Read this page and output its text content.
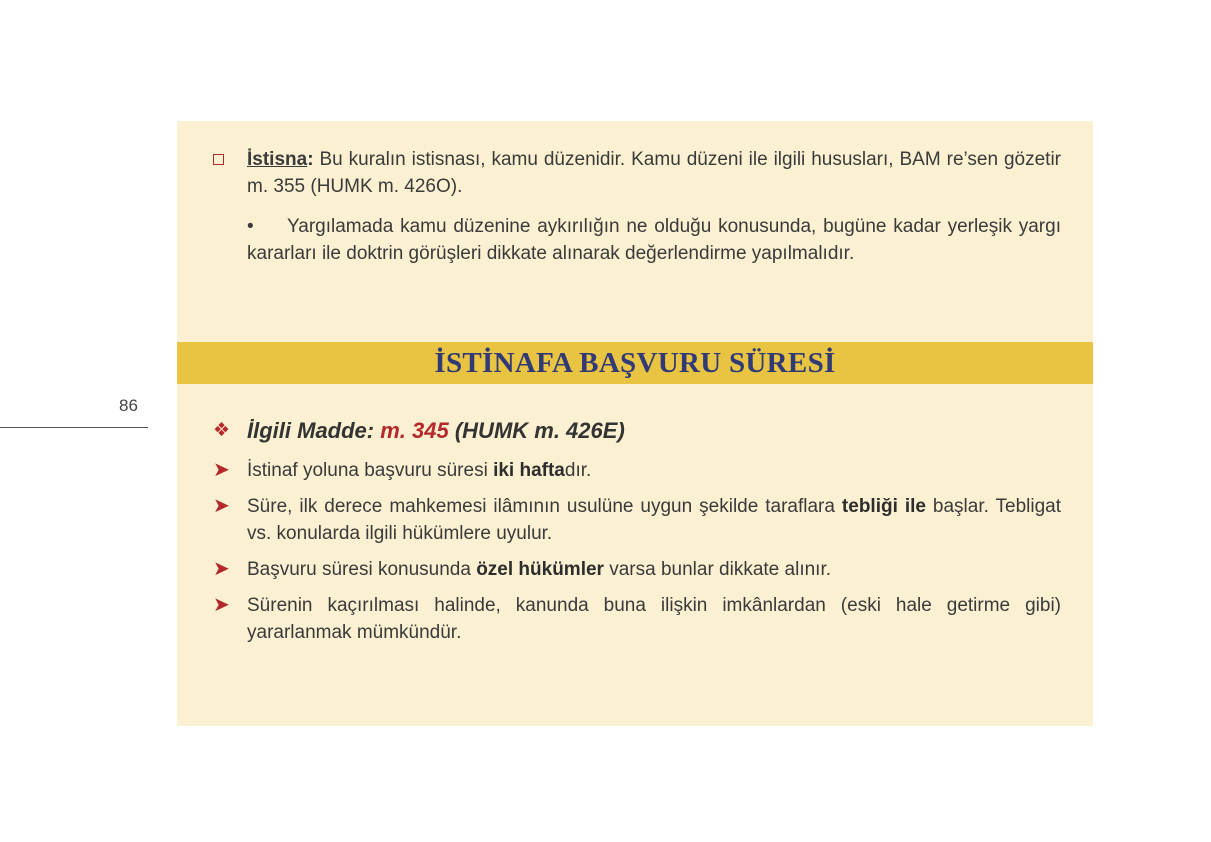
86
İstisna: Bu kuralın istisnası, kamu düzenidir. Kamu düzeni ile ilgili hususları, BAM re’sen gözetir m. 355 (HUMK m. 426O).
•	Yargılamada kamu düzenine aykırılığın ne olduğu konusunda, bugüne kadar yerleşik yargı kararları ile doktrin görüşleri dikkate alınarak değerlendirme yapılmalıdır.
İSTİNAFA BAŞVURU SÜRESİ
❖ İlgili Madde: m. 345 (HUMK m. 426E)
➤ İstinaf yoluna başvuru süresi iki haftadır.
➤ Süre, ilk derece mahkemesi ilâmının usulüne uygun şekilde taraflara tebliği ile başlar. Tebligat vs. konularda ilgili hükümlere uyulur.
➤ Başvuru süresi konusunda özel hükümler varsa bunlar dikkate alınır.
➤ Sürenin kaçırılması halinde, kanunda buna ilişkin imkânlardan (eski hale getirme gibi) yararlanmak mümkündür.
